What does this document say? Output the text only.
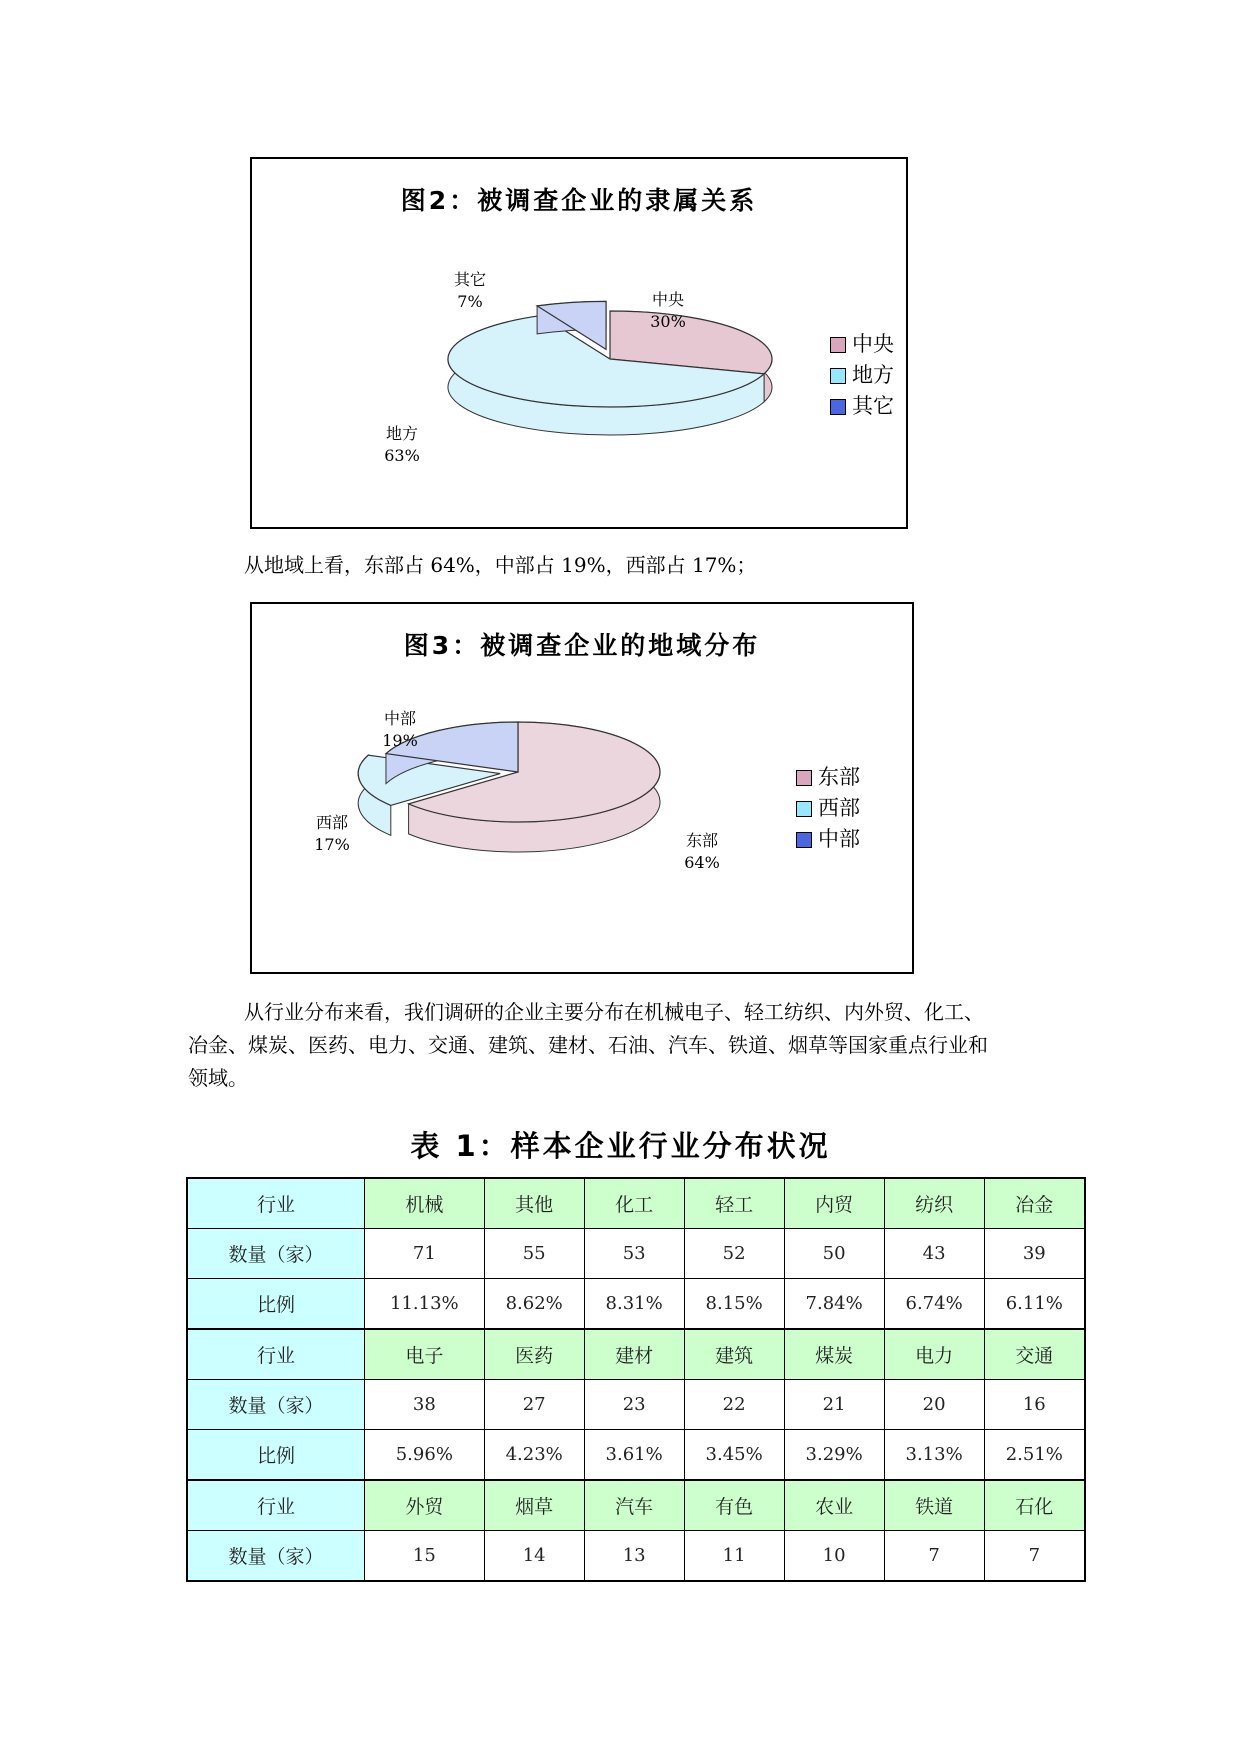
图2：被调查企业的隶属关系
中央
30%
地方
63%
其它
7%
中央
地方
其它

从地域上看，东部占 64%，中部占 19%，西部占 17%；

图3：被调查企业的地域分布
东部
64%
西部
17%
中部
19%
东部
西部
中部

从行业分布来看，我们调研的企业主要分布在机械电子、轻工纺织、内外贸、化工、

冶金、煤炭、医药、电力、交通、建筑、建材、石油、汽车、铁道、烟草等国家重点行业和

领域。

表 1：样本企业行业分布状况
行业	机械	其他	化工	轻工	内贸	纺织	冶金
数量（家）	71	55	53	52	50	43	39
比例	11.13%	8.62%	8.31%	8.15%	7.84%	6.74%	6.11%
行业	电子	医药	建材	建筑	煤炭	电力	交通
数量（家）	38	27	23	22	21	20	16
比例	5.96%	4.23%	3.61%	3.45%	3.29%	3.13%	2.51%
行业	外贸	烟草	汽车	有色	农业	铁道	石化
数量（家）	15	14	13	11	10	7	7
